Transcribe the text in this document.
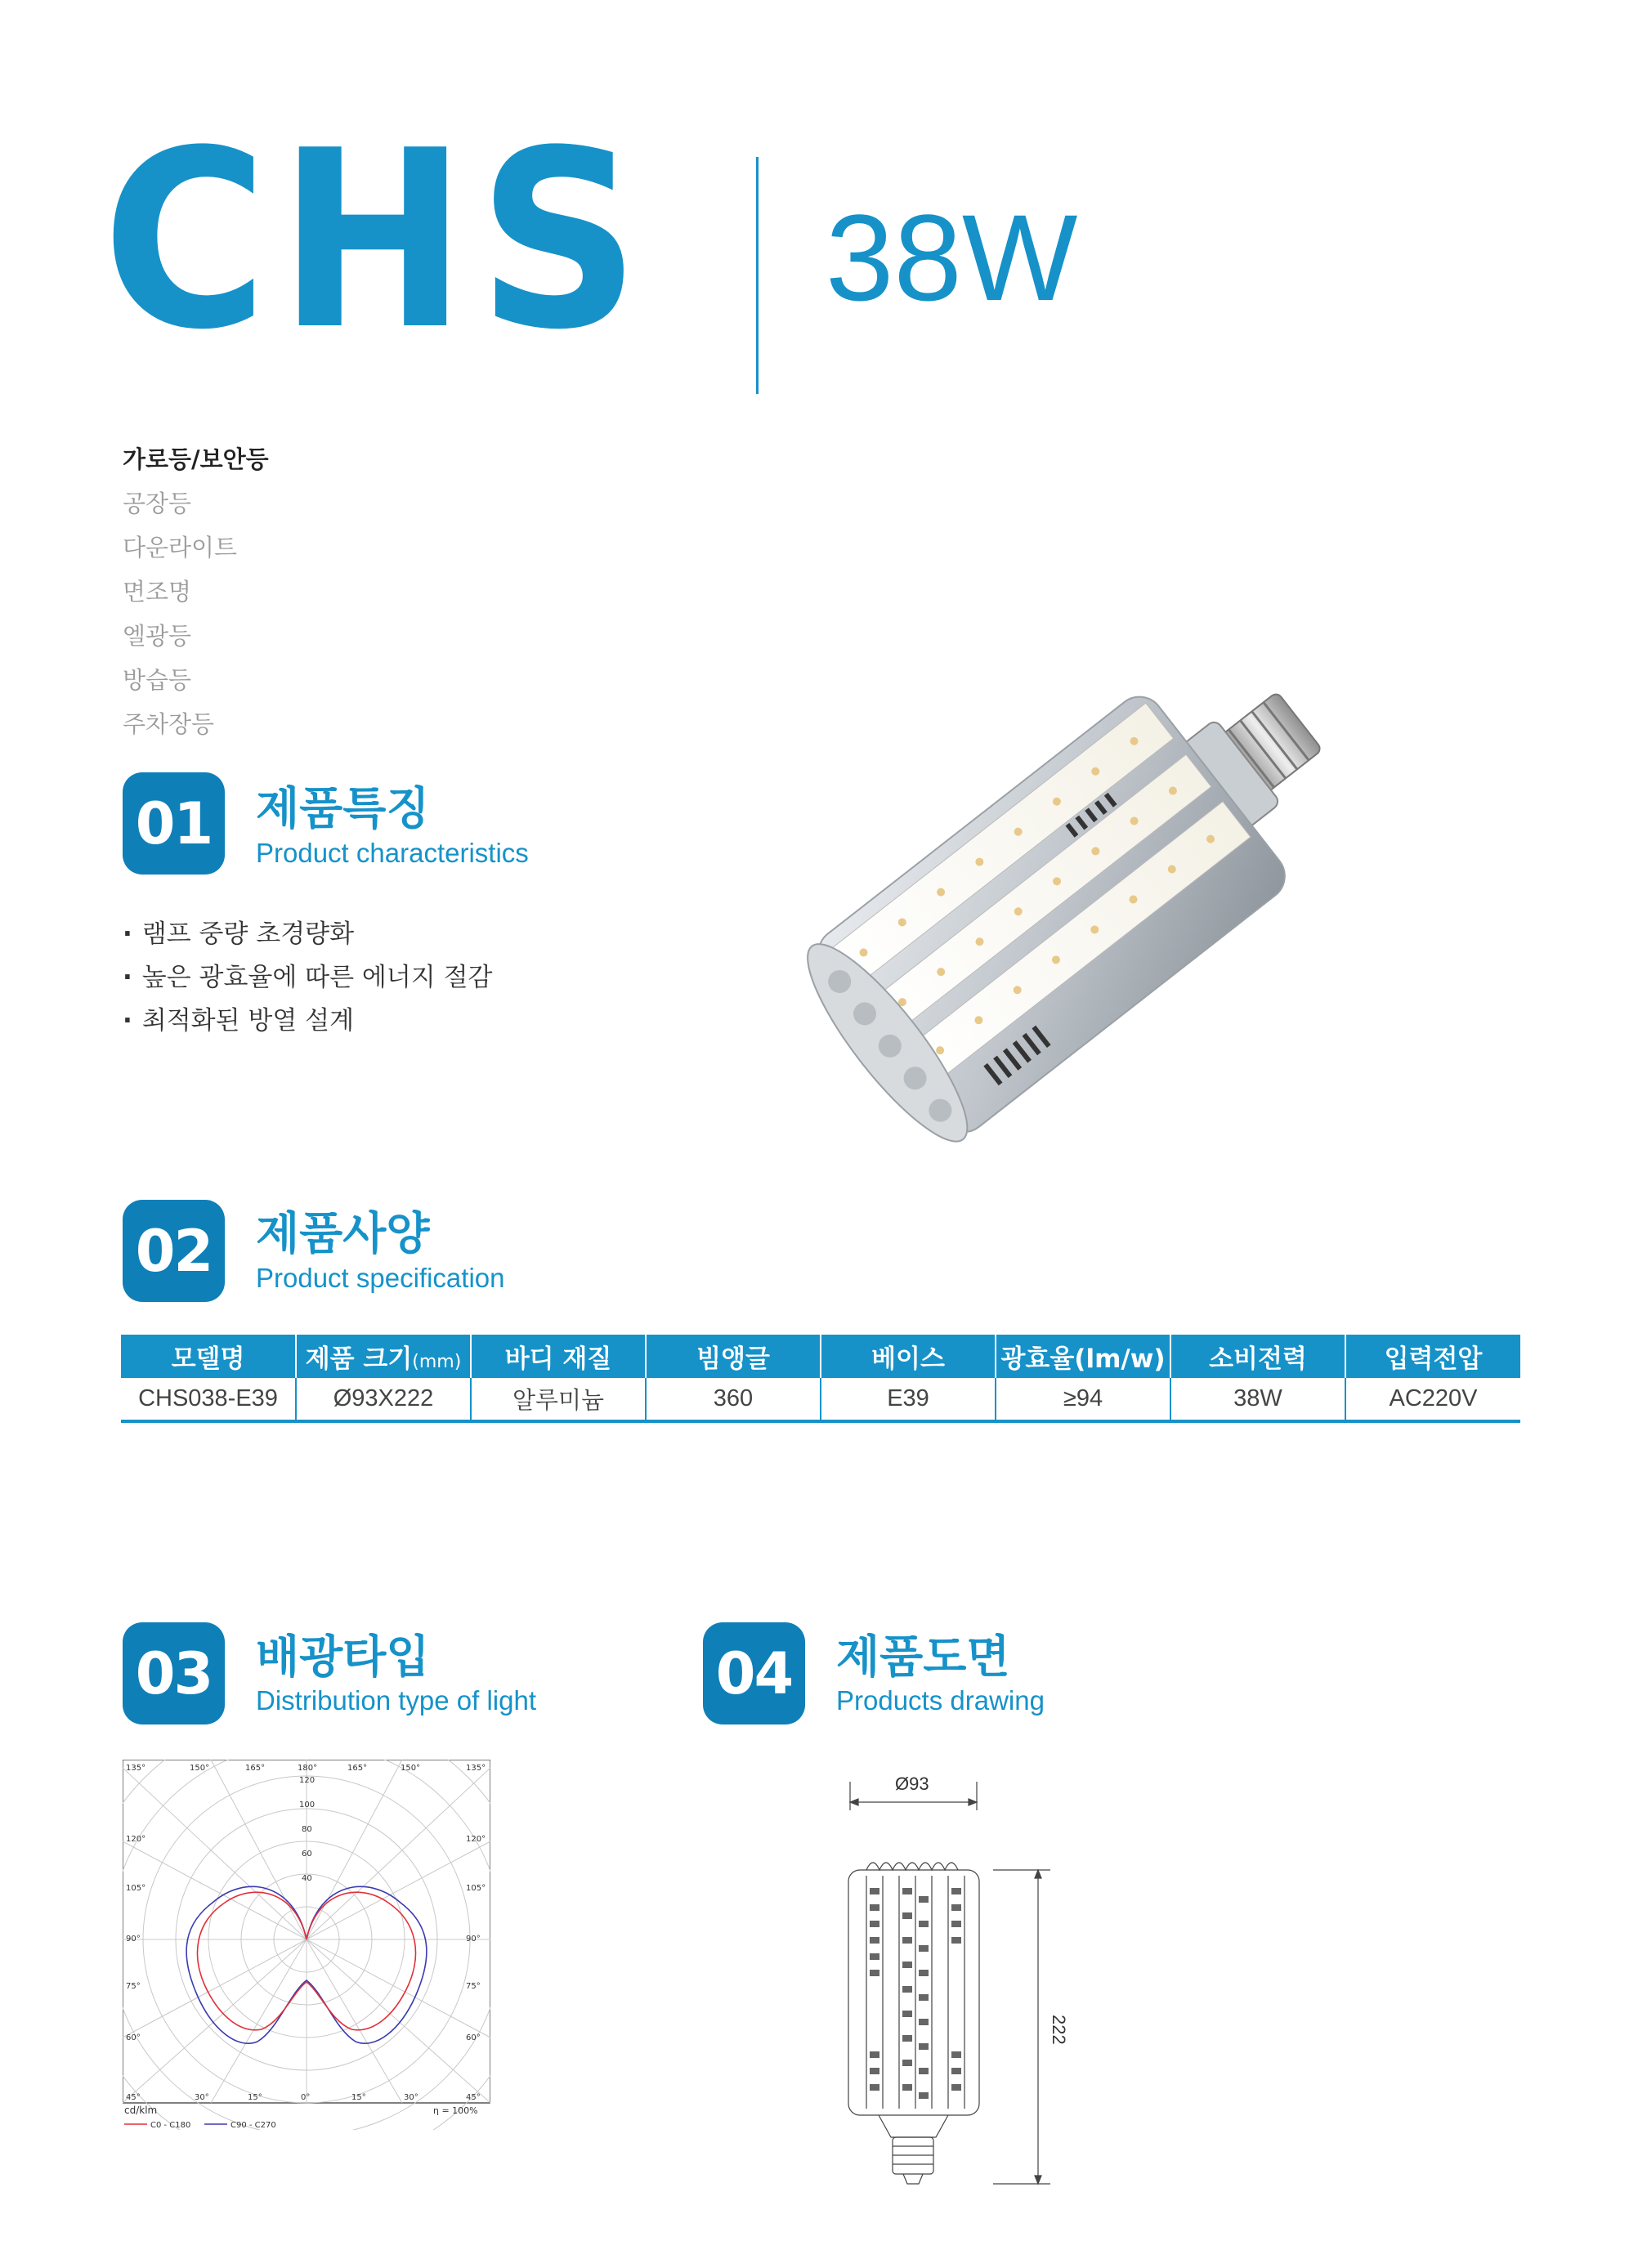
CHS 38W
가로등/보안등
공장등
다운라이트
면조명
엘광등
방습등
주차장등
01 제품특징
Product characteristics
· 램프 중량 초경량화
· 높은 광효율에 따른 에너지 절감
· 최적화된 방열 설계
02 제품사양
Product specification
모델명	제품 크기(mm)	바디 재질	빔앵글	베이스	광효율(lm/w)	소비전력	입력전압
CHS038-E39	Ø93X222	알루미늄	360	E39	≥94	38W	AC220V
03 배광타입
Distribution type of light	04 제품도면
Products drawing
135°	150°	165°	180°	165°	150°	135°
120°	120°
105°	105°
90°	90°
75°	75°
60°	60°
45°	30°	15°	0°	15°	30°	45°
120
100
80
60
40
cd/klm	η = 100%
C0 - C180	C90 - C270
Ø93
222
